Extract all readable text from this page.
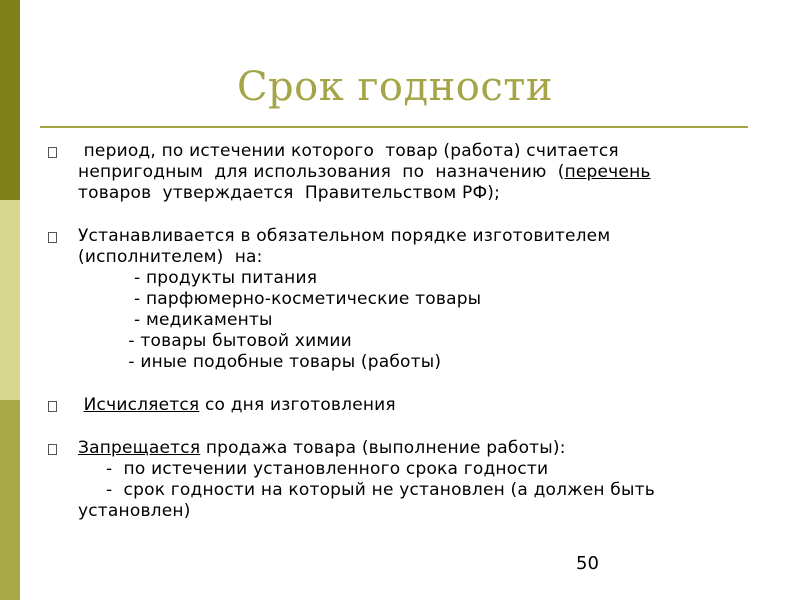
Срок годности
период, по истечении которого  товар (работа) считается
непригодным  для использования  по  назначению  (перечень
товаров  утверждается  Правительством РФ);
Устанавливается в обязательном порядке изготовителем
(исполнителем)  на:
- продукты питания
- парфюмерно-косметические товары
- медикаменты
- товары бытовой химии
- иные подобные товары (работы)
Исчисляется со дня изготовления
Запрещается продажа товара (выполнение работы):
-  по истечении установленного срока годности
-  срок годности на который не установлен (а должен быть
установлен)
50
